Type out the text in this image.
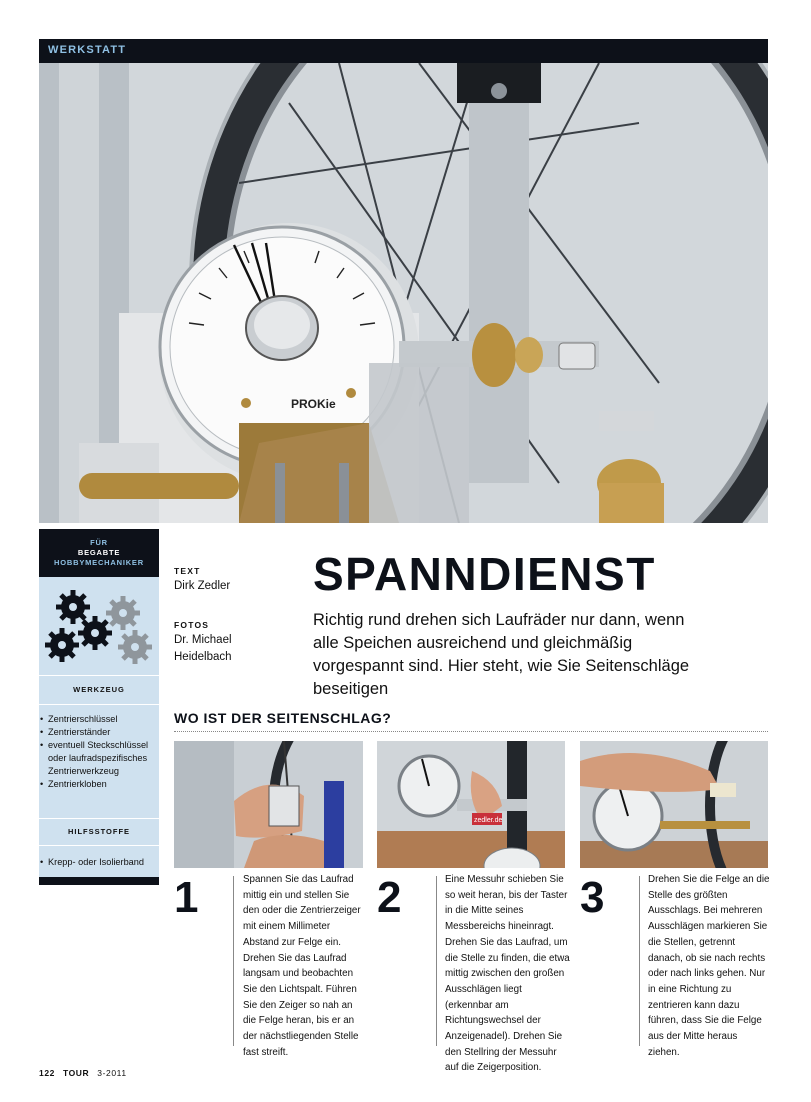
WERKSTATT
PROKie
FÜR
BEGABTE
HOBBYMECHANIKER
WERKZEUG
• Zentrierschlüssel
• Zentrierständer
• eventuell Steckschlüssel oder laufradspezifisches Zentrierwerkzeug
• Zentrierkloben
HILFSSTOFFE
• Krepp- oder Isolierband
TEXT
Dirk Zedler
FOTOS
Dr. Michael
Heidelbach
SPANNDIENST
Richtig rund drehen sich Laufräder nur dann, wenn alle Speichen ausreichend und gleichmäßig vorgespannt sind. Hier steht, wie Sie Seitenschläge beseitigen
WO IST DER SEITENSCHLAG?
zedler.de
1	Spannen Sie das Laufrad mittig ein und stellen Sie den oder die Zentrierzeiger mit einem Millimeter Abstand zur Felge ein. Drehen Sie das Laufrad langsam und beobachten Sie den Lichtspalt. Führen Sie den Zeiger so nah an die Felge heran, bis er an der nächstliegenden Stelle fast streift.
2	Eine Messuhr schieben Sie so weit heran, bis der Taster in die Mitte seines Messbereichs hineinragt. Drehen Sie das Laufrad, um die Stelle zu finden, die etwa mittig zwischen den großen Ausschlägen liegt (erkennbar am Richtungswechsel der Anzeigenadel). Drehen Sie den Stellring der Messuhr auf die Zeigerposition.
3	Drehen Sie die Felge an die Stelle des größten Ausschlags. Bei mehreren Ausschlägen markieren Sie die Stellen, getrennt danach, ob sie nach rechts oder nach links gehen. Nur in eine Richtung zu zentrieren kann dazu führen, dass Sie die Felge aus der Mitte heraus ziehen.
122 TOUR 3-2011
